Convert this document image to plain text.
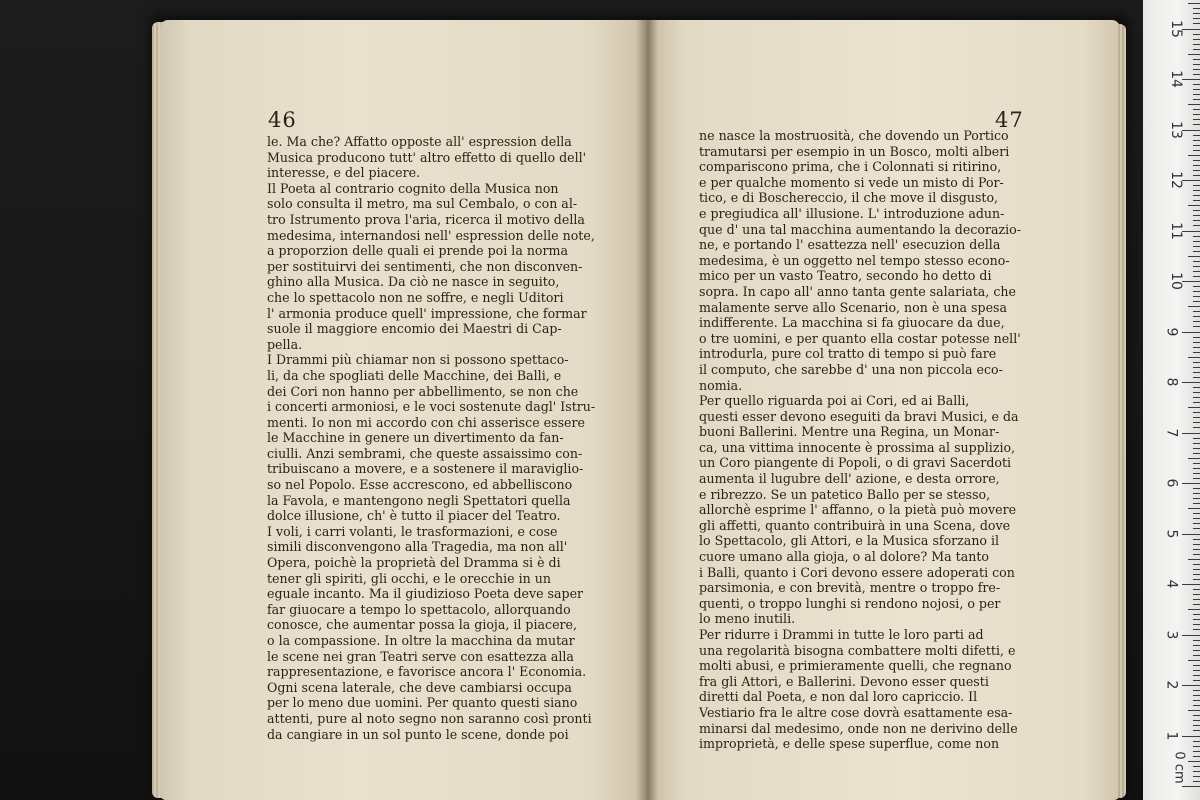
46
le. Ma che? Affatto opposte all' espression della
Musica producono tutt' altro effetto di quello dell'
interesse, e del piacere.
Il Poeta al contrario cognito della Musica non
solo consulta il metro, ma sul Cembalo, o con al-
tro Istrumento prova l'aria, ricerca il motivo della
medesima, internandosi nell' espression delle note,
a proporzion delle quali ei prende poi la norma
per sostituirvi dei sentimenti, che non disconven-
ghino alla Musica. Da ciò ne nasce in seguito,
che lo spettacolo non ne soffre, e negli Uditori
l' armonia produce quell' impressione, che formar
suole il maggiore encomio dei Maestri di Cap-
pella.
I Drammi più chiamar non si possono spettaco-
li, da che spogliati delle Macchine, dei Balli, e
dei Cori non hanno per abbellimento, se non che
i concerti armoniosi, e le voci sostenute dagl' Istru-
menti. Io non mi accordo con chi asserisce essere
le Macchine in genere un divertimento da fan-
ciulli. Anzi sembrami, che queste assaissimo con-
tribuiscano a movere, e a sostenere il maraviglio-
so nel Popolo. Esse accrescono, ed abbelliscono
la Favola, e mantengono negli Spettatori quella
dolce illusione, ch' è tutto il piacer del Teatro.
I voli, i carri volanti, le trasformazioni, e cose
simili disconvengono alla Tragedia, ma non all'
Opera, poichè la proprietà del Dramma si è di
tener gli spiriti, gli occhi, e le orecchie in un
eguale incanto. Ma il giudizioso Poeta deve saper
far giuocare a tempo lo spettacolo, allorquando
conosce, che aumentar possa la gioja, il piacere,
o la compassione. In oltre la macchina da mutar
le scene nei gran Teatri serve con esattezza alla
rappresentazione, e favorisce ancora l' Economia.
Ogni scena laterale, che deve cambiarsi occupa
per lo meno due uomini. Per quanto questi siano
attenti, pure al noto segno non saranno così pronti
da cangiare in un sol punto le scene, donde poi
47
ne nasce la mostruosità, che dovendo un Portico
tramutarsi per esempio in un Bosco, molti alberi
compariscono prima, che i Colonnati si ritirino,
e per qualche momento si vede un misto di Por-
tico, e di Boschereccio, il che move il disgusto,
e pregiudica all' illusione. L' introduzione adun-
que d' una tal macchina aumentando la decorazio-
ne, e portando l' esattezza nell' esecuzion della
medesima, è un oggetto nel tempo stesso econo-
mico per un vasto Teatro, secondo ho detto di
sopra. In capo all' anno tanta gente salariata, che
malamente serve allo Scenario, non è una spesa
indifferente. La macchina si fa giuocare da due,
o tre uomini, e per quanto ella costar potesse nell'
introdurla, pure col tratto di tempo si può fare
il computo, che sarebbe d' una non piccola eco-
nomia.
Per quello riguarda poi ai Cori, ed ai Balli,
questi esser devono eseguiti da bravi Musici, e da
buoni Ballerini. Mentre una Regina, un Monar-
ca, una vittima innocente è prossima al supplizio,
un Coro piangente di Popoli, o di gravi Sacerdoti
aumenta il lugubre dell' azione, e desta orrore,
e ribrezzo. Se un patetico Ballo per se stesso,
allorchè esprime l' affanno, o la pietà può movere
gli affetti, quanto contribuirà in una Scena, dove
lo Spettacolo, gli Attori, e la Musica sforzano il
cuore umano alla gioja, o al dolore? Ma tanto
i Balli, quanto i Cori devono essere adoperati con
parsimonia, e con brevità, mentre o troppo fre-
quenti, o troppo lunghi si rendono nojosi, o per
lo meno inutili.
Per ridurre i Drammi in tutte le loro parti ad
una regolarità bisogna combattere molti difetti, e
molti abusi, e primieramente quelli, che regnano
fra gli Attori, e Ballerini. Devono esser questi
diretti dal Poeta, e non dal loro capriccio. Il
Vestiario fra le altre cose dovrà esattamente esa-
minarsi dal medesimo, onde non ne derivino delle
improprietà, e delle spese superflue, come non
0 cm
1
2
3
4
5
6
7
8
9
10
11
12
13
14
15
